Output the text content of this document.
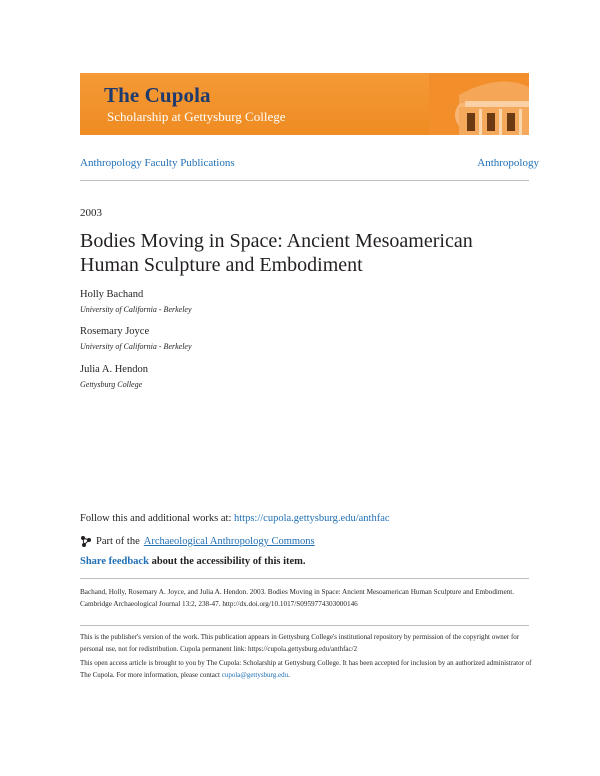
The Cupola
Scholarship at Gettysburg College
Anthropology Faculty Publications	Anthropology
2003
Bodies Moving in Space: Ancient Mesoamerican Human Sculpture and Embodiment
Holly Bachand
University of California - Berkeley
Rosemary Joyce
University of California - Berkeley
Julia A. Hendon
Gettysburg College
Follow this and additional works at: https://cupola.gettysburg.edu/anthfac
Part of the Archaeological Anthropology Commons
Share feedback about the accessibility of this item.
Bachand, Holly, Rosemary A. Joyce, and Julia A. Hendon. 2003. Bodies Moving in Space: Ancient Mesoamerican Human Sculpture and Embodiment. Cambridge Archaeological Journal 13:2, 238-47. http://dx.doi.org/10.1017/S0959774303000146
This is the publisher's version of the work. This publication appears in Gettysburg College's institutional repository by permission of the copyright owner for personal use, not for redistribution. Cupola permanent link: https://cupola.gettysburg.edu/anthfac/2
This open access article is brought to you by The Cupola: Scholarship at Gettysburg College. It has been accepted for inclusion by an authorized administrator of The Cupola. For more information, please contact cupola@gettysburg.edu.
